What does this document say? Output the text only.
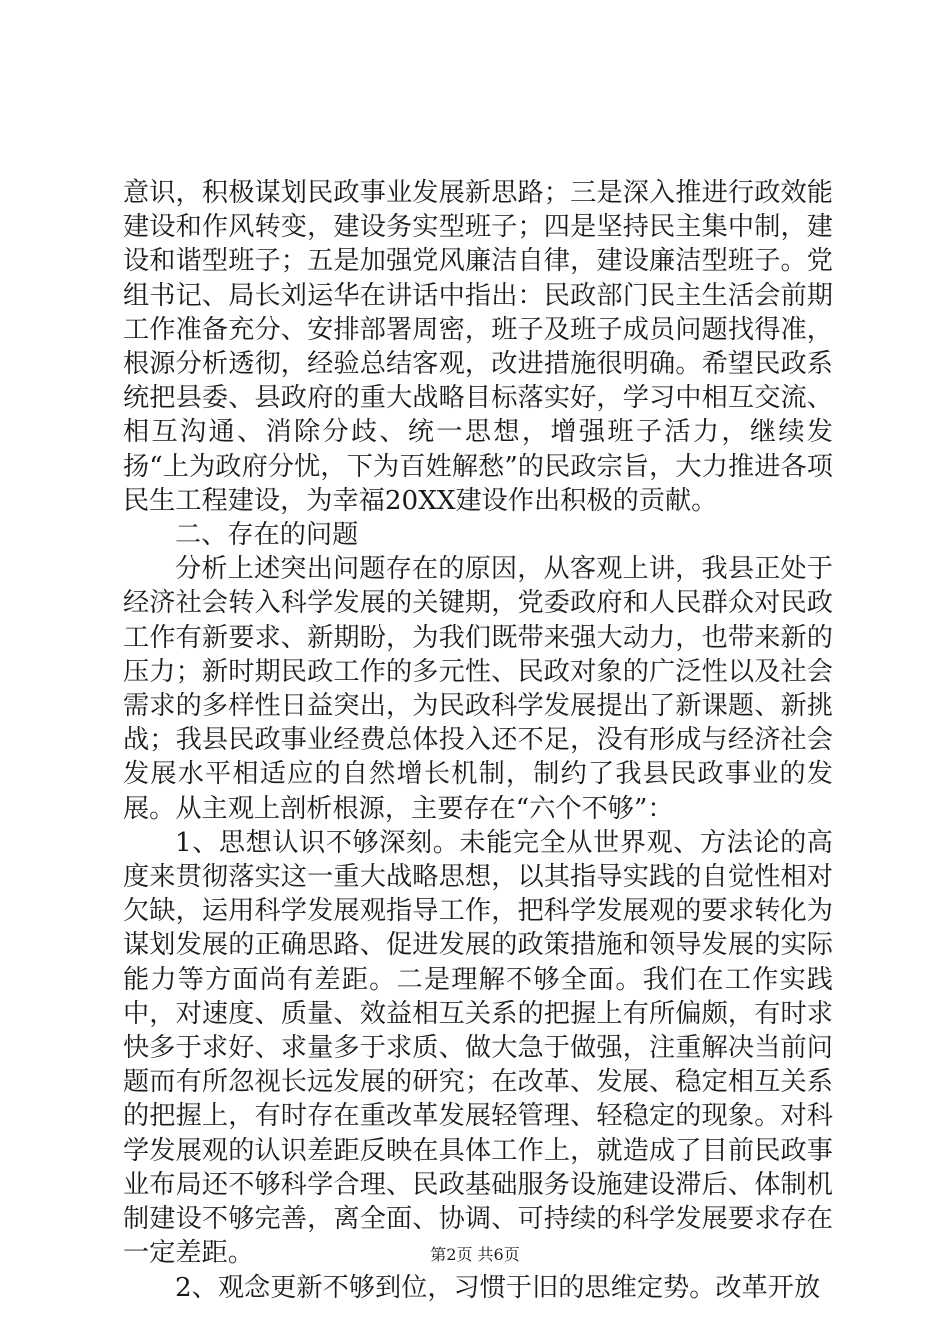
意识，积极谋划民政事业发展新思路；三是深入推进行政效能建设和作风转变，建设务实型班子；四是坚持民主集中制，建设和谐型班子；五是加强党风廉洁自律，建设廉洁型班子。党组书记、局长刘运华在讲话中指出：民政部门民主生活会前期工作准备充分、安排部署周密，班子及班子成员问题找得准，根源分析透彻，经验总结客观，改进措施很明确。希望民政系统把县委、县政府的重大战略目标落实好，学习中相互交流、相互沟通、消除分歧、统一思想，增强班子活力，继续发扬“上为政府分忧，下为百姓解愁”的民政宗旨，大力推进各项民生工程建设，为幸福20XX建设作出积极的贡献。

二、存在的问题

分析上述突出问题存在的原因，从客观上讲，我县正处于经济社会转入科学发展的关键期，党委政府和人民群众对民政工作有新要求、新期盼，为我们既带来强大动力，也带来新的压力；新时期民政工作的多元性、民政对象的广泛性以及社会需求的多样性日益突出，为民政科学发展提出了新课题、新挑战；我县民政事业经费总体投入还不足，没有形成与经济社会发展水平相适应的自然增长机制，制约了我县民政事业的发展。从主观上剖析根源，主要存在“六个不够”：

1、思想认识不够深刻。未能完全从世界观、方法论的高度来贯彻落实这一重大战略思想，以其指导实践的自觉性相对欠缺，运用科学发展观指导工作，把科学发展观的要求转化为谋划发展的正确思路、促进发展的政策措施和领导发展的实际能力等方面尚有差距。二是理解不够全面。我们在工作实践中，对速度、质量、效益相互关系的把握上有所偏颇，有时求快多于求好、求量多于求质、做大急于做强，注重解决当前问题而有所忽视长远发展的研究；在改革、发展、稳定相互关系的把握上，有时存在重改革发展轻管理、轻稳定的现象。对科学发展观的认识差距反映在具体工作上，就造成了目前民政事业布局还不够科学合理、民政基础服务设施建设滞后、体制机制建设不够完善，离全面、协调、可持续的科学发展要求存在一定差距。

2、观念更新不够到位，习惯于旧的思维定势。改革开放

第2页 共6页
